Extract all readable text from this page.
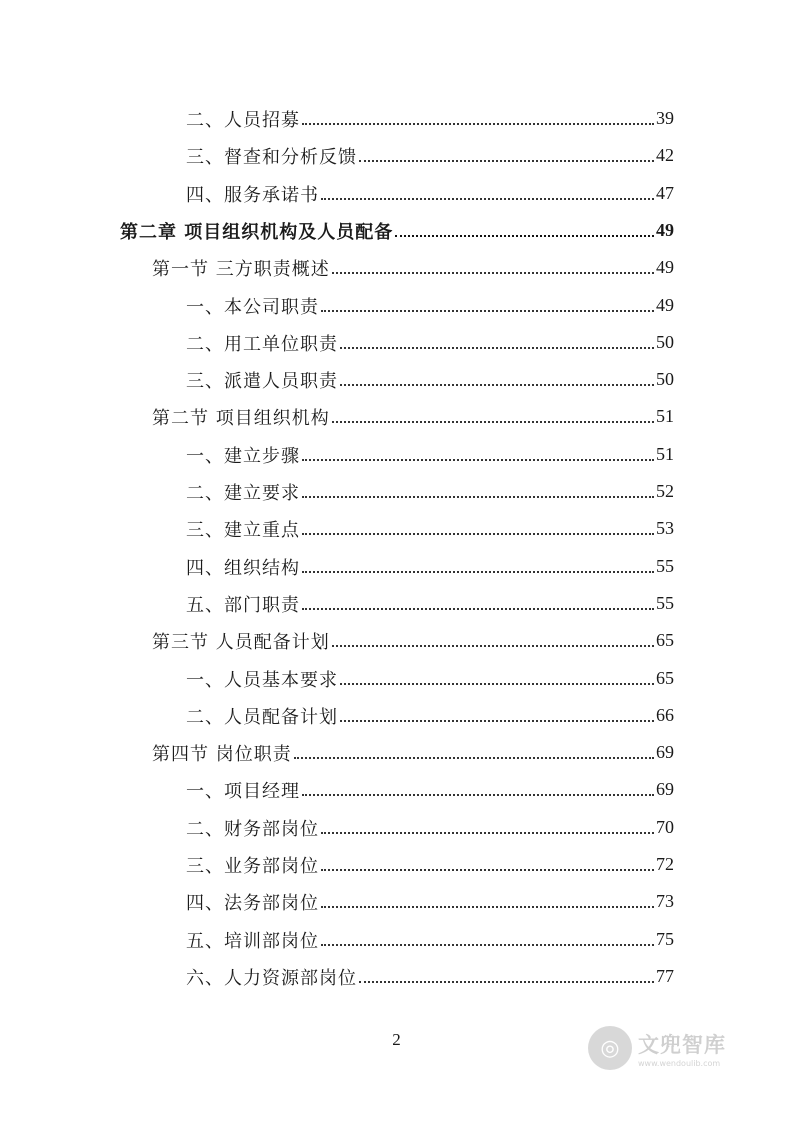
二、人员招募	39
三、督查和分析反馈	42
四、服务承诺书	47
第二章 项目组织机构及人员配备	49
第一节 三方职责概述	49
一、本公司职责	49
二、用工单位职责	50
三、派遣人员职责	50
第二节 项目组织机构	51
一、建立步骤	51
二、建立要求	52
三、建立重点	53
四、组织结构	55
五、部门职责	55
第三节 人员配备计划	65
一、人员基本要求	65
二、人员配备计划	66
第四节 岗位职责	69
一、项目经理	69
二、财务部岗位	70
三、业务部岗位	72
四、法务部岗位	73
五、培训部岗位	75
六、人力资源部岗位	77
2	◎ 文兜智库
www.wendoulib.com
